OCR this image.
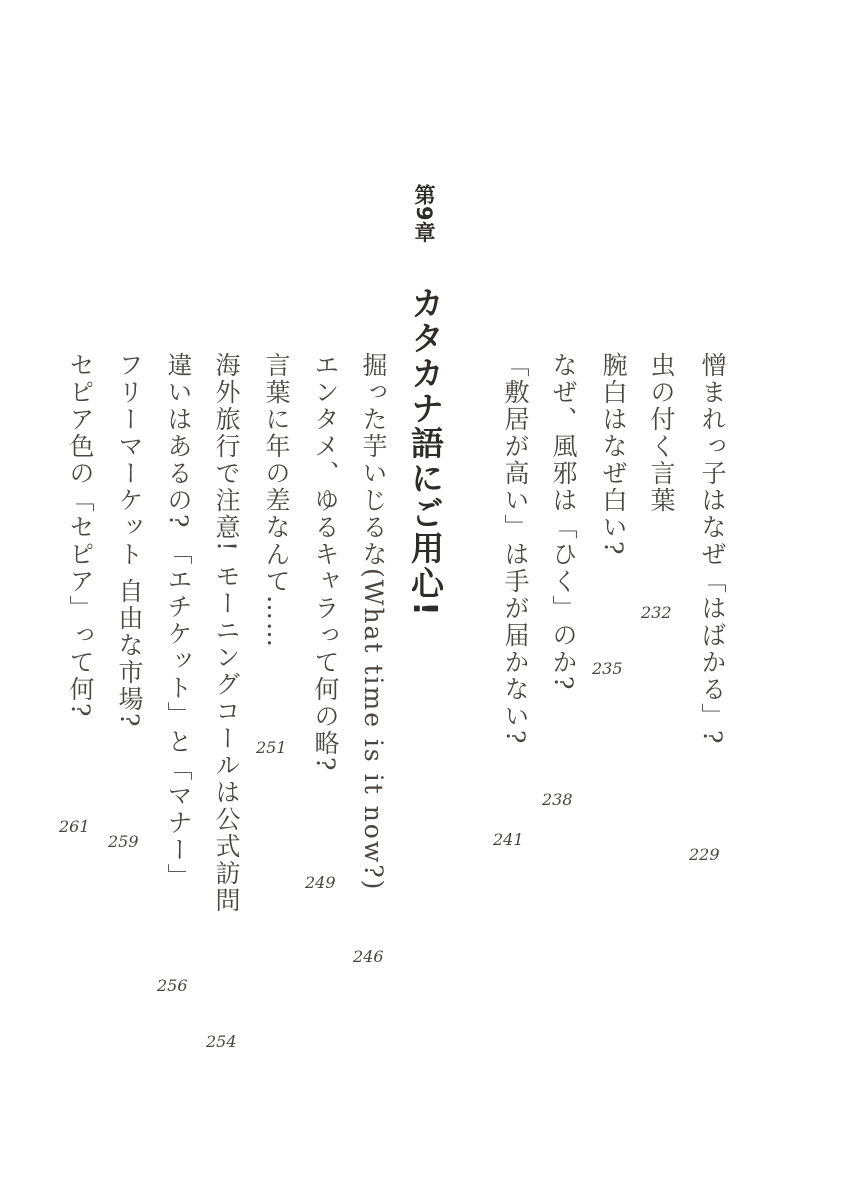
第9章
カタカナ語にご用心!	憎まれっ子はなぜ「はばかる」?
229
虫の付く言葉
232
腕白はなぜ白い?
235
なぜ、風邪は「ひく」のか?
238
「敷居が高い」は手が届かない?
241
掘った芋いじるな(What time is it now?)
246
エンタメ、ゆるキャラって何の略?
249
言葉に年の差なんて……
251
海外旅行で注意! モーニングコールは公式訪問
254
違いはあるの? 「エチケット」と「マナー」
256
フリーマーケット 自由な市場?
259
セピア色の「セピア」って何?
261
